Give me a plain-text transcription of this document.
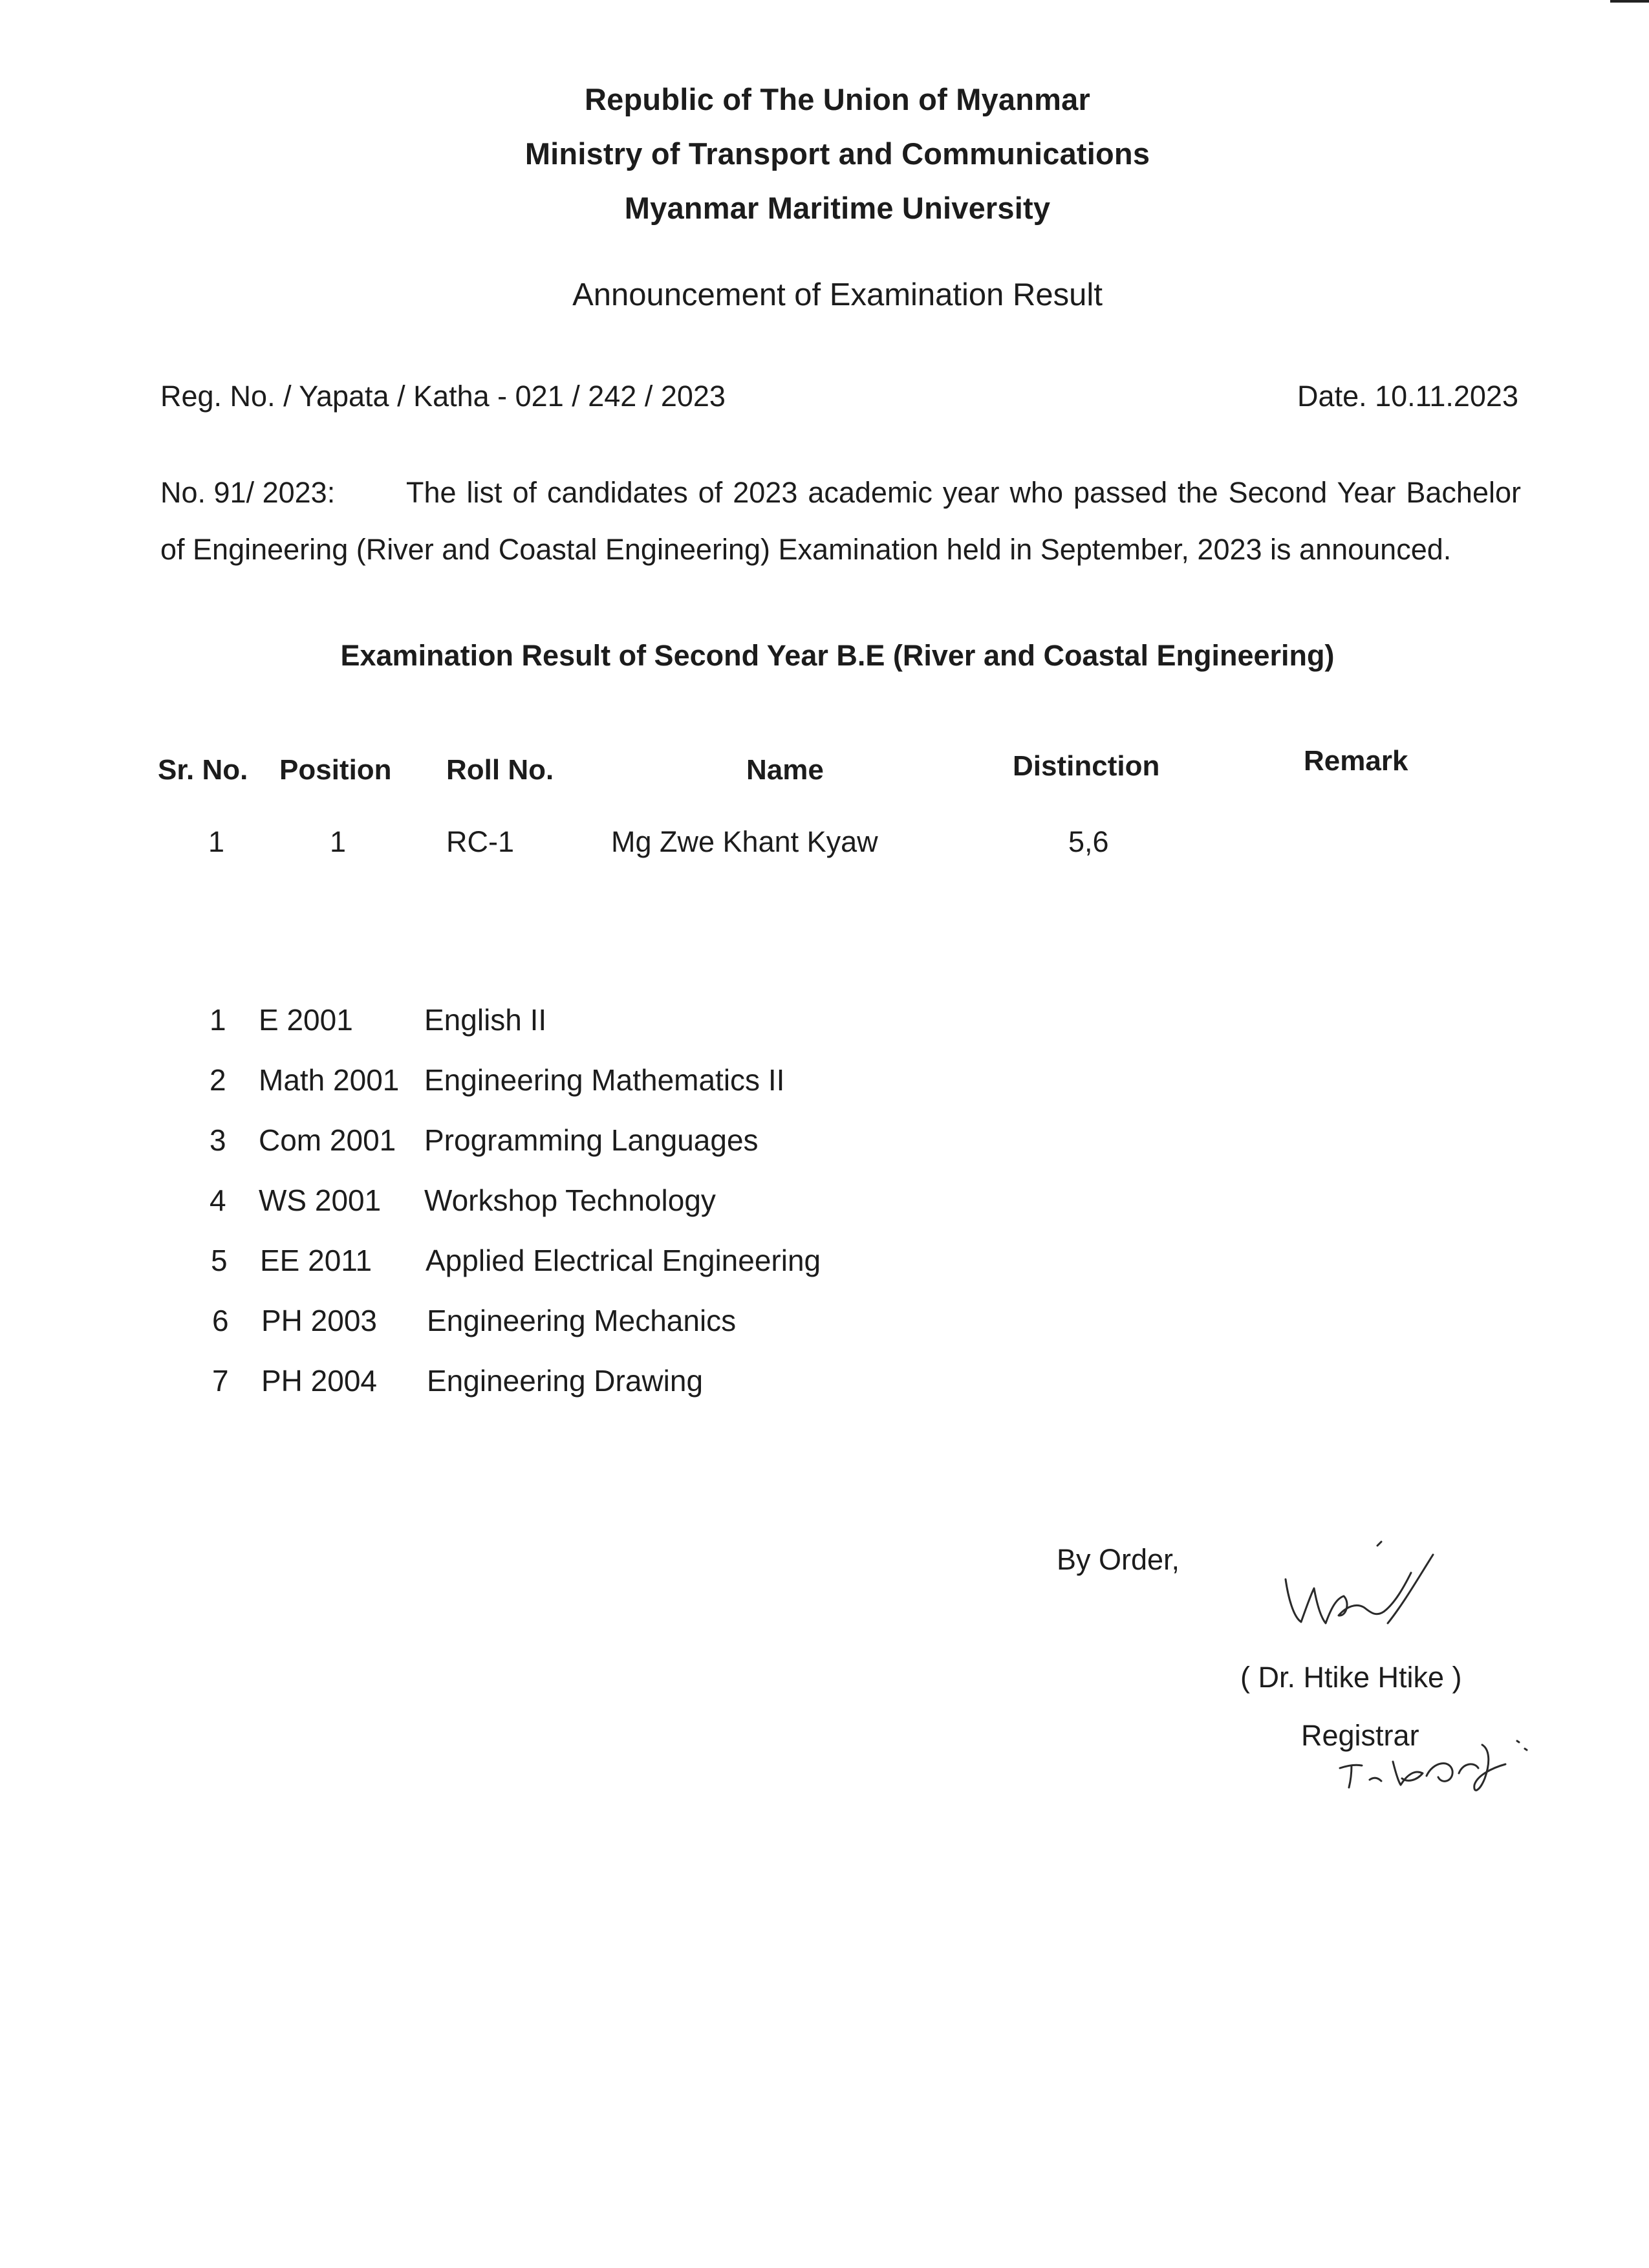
Republic of The Union of Myanmar
Ministry of Transport and Communications
Myanmar Maritime University
Announcement of Examination Result
Reg. No. / Yapata / Katha - 021 / 242 / 2023	Date. 10.11.2023
No. 91/ 2023: The list of candidates of 2023 academic year who passed the Second Year Bachelor of Engineering (River and Coastal Engineering) Examination held in September, 2023 is announced.
Examination Result of Second Year B.E (River and Coastal Engineering)
Sr. No. Position Roll No.	Name	Distinction	Remark
1	1	RC-1	Mg Zwe Khant Kyaw	5,6
1 E 2001 English II
2 Math 2001 Engineering Mathematics II
3 Com 2001 Programming Languages
4 WS 2001 Workshop Technology
5 EE 2011 Applied Electrical Engineering
6 PH 2003 Engineering Mechanics
7 PH 2004 Engineering Drawing
By Order,
( Dr. Htike Htike )
Registrar
